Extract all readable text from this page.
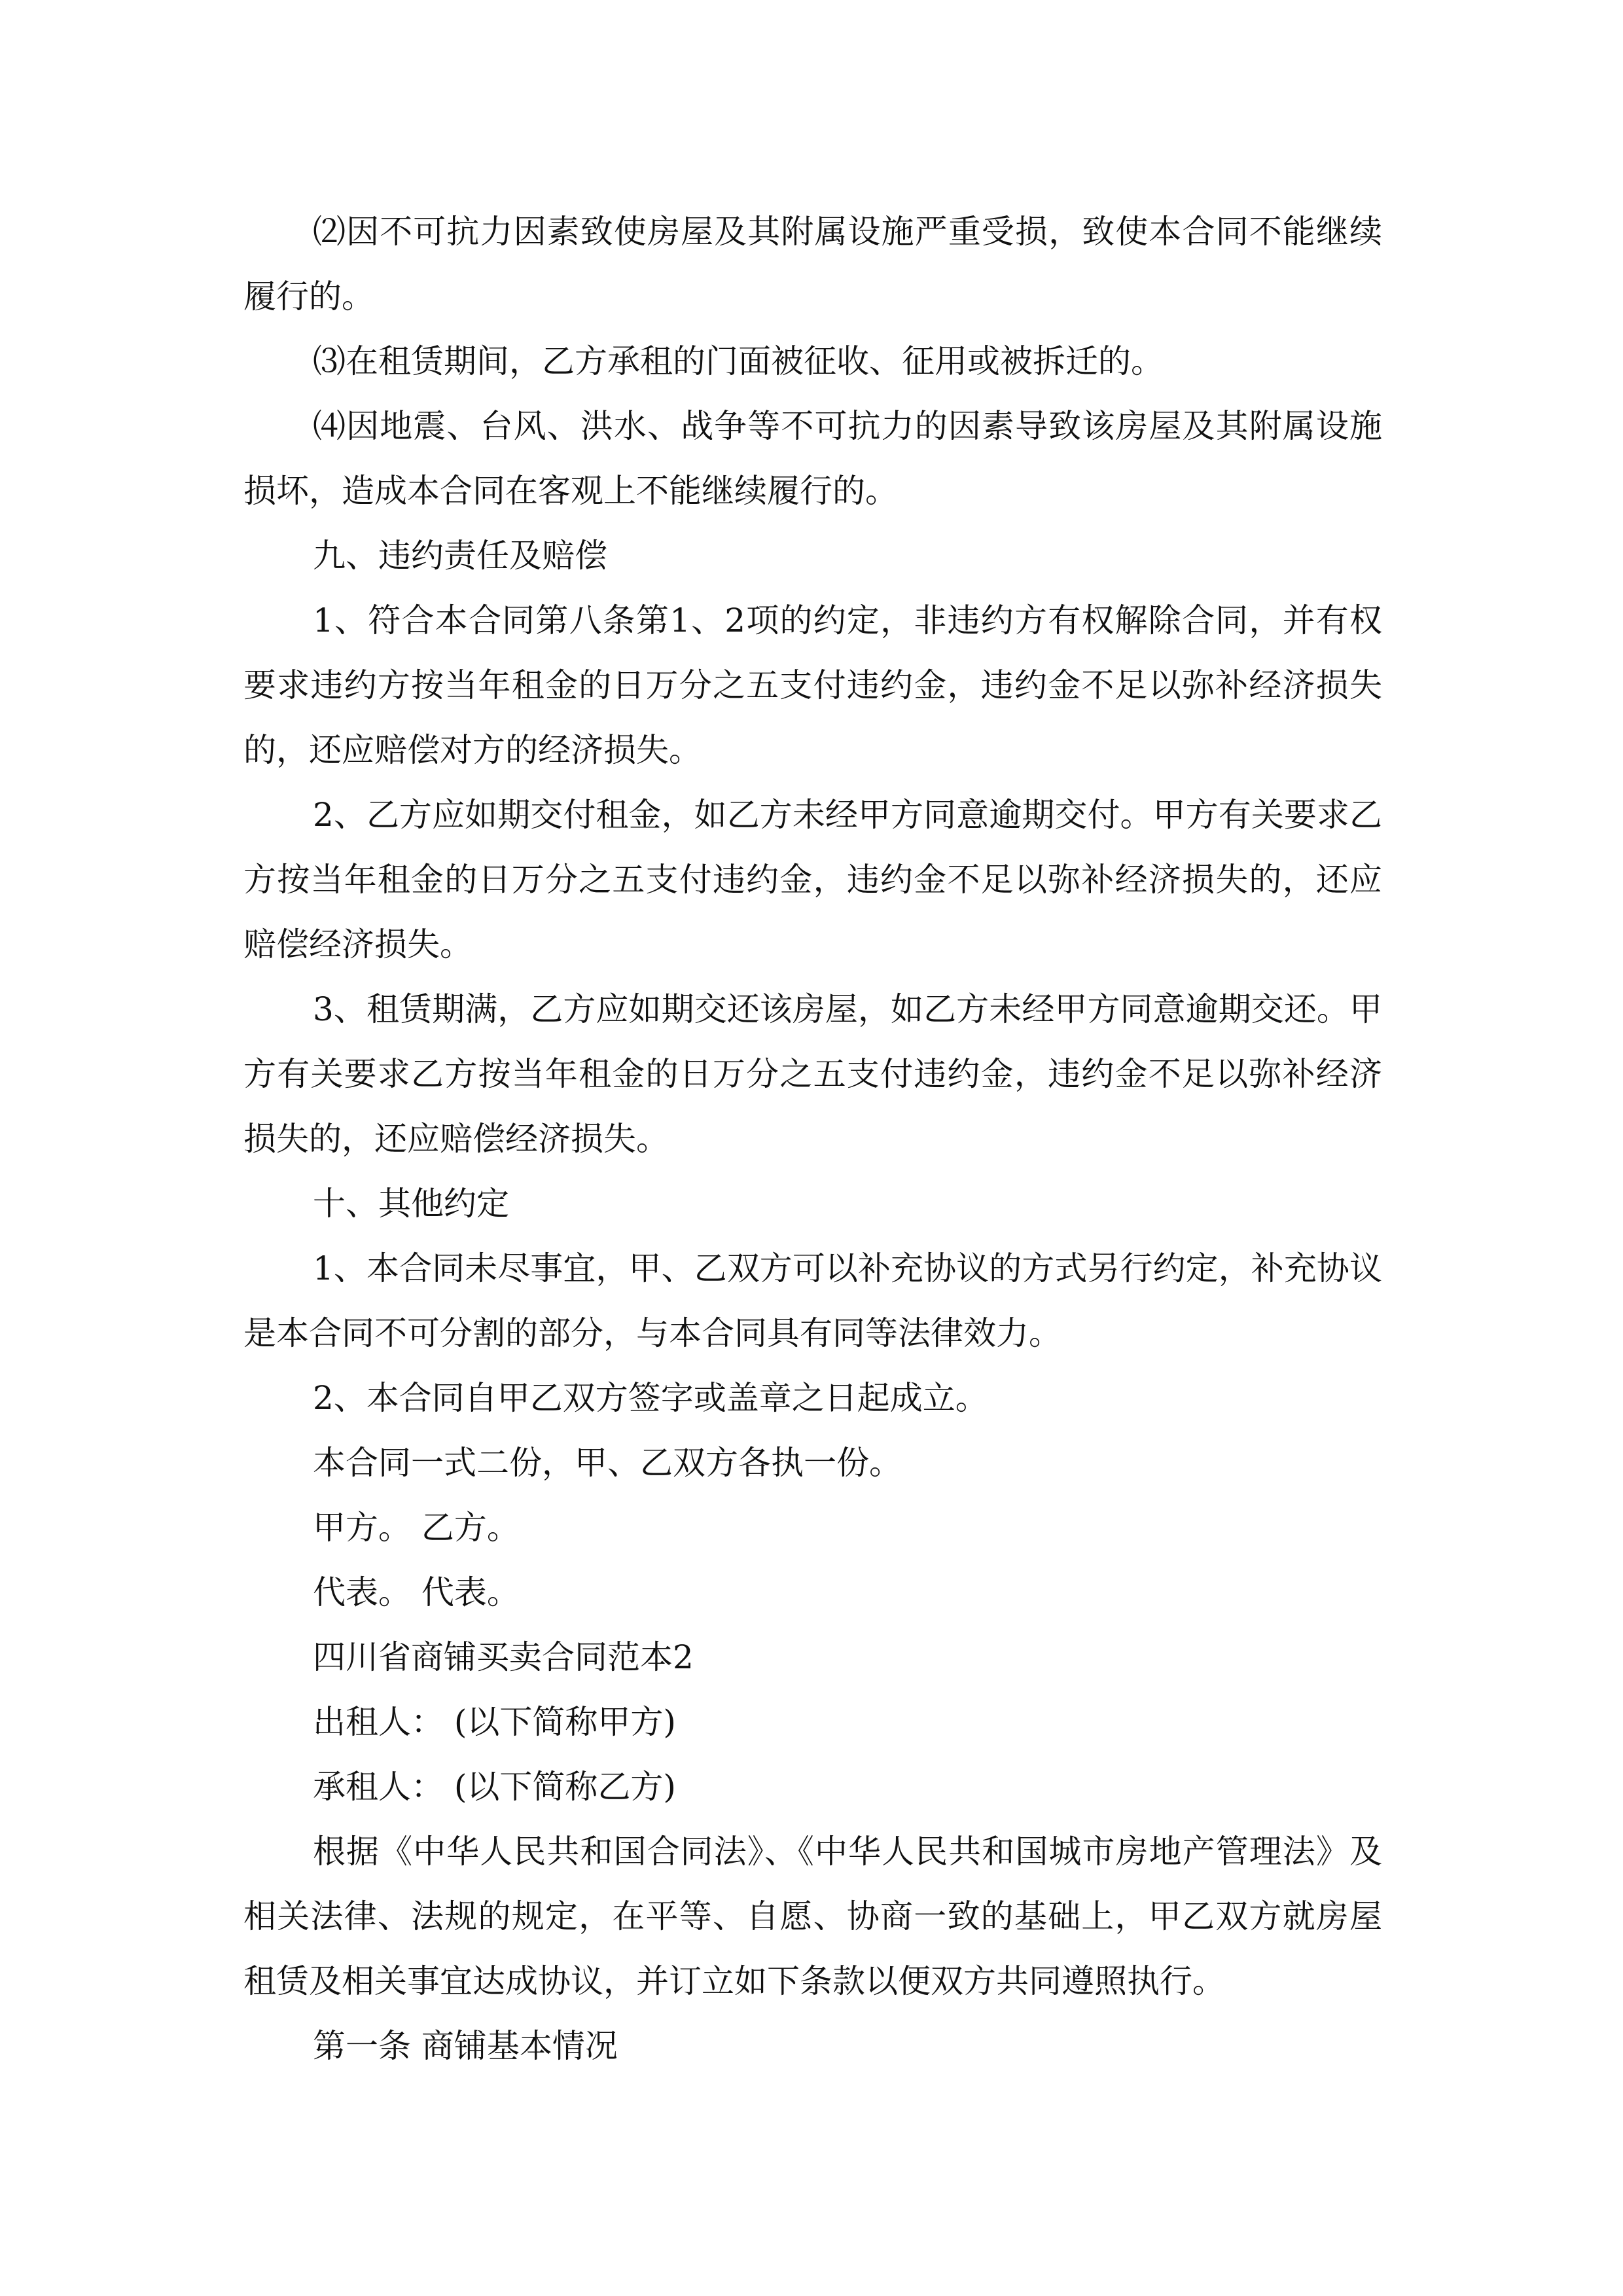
⑵因不可抗力因素致使房屋及其附属设施严重受损，致使本合同不能继续履行的。

⑶在租赁期间，乙方承租的门面被征收、征用或被拆迁的。

⑷因地震、台风、洪水、战争等不可抗力的因素导致该房屋及其附属设施损坏，造成本合同在客观上不能继续履行的。

九、违约责任及赔偿

1、符合本合同第八条第1、2项的约定，非违约方有权解除合同，并有权要求违约方按当年租金的日万分之五支付违约金，违约金不足以弥补经济损失的，还应赔偿对方的经济损失。

2、乙方应如期交付租金，如乙方未经甲方同意逾期交付。甲方有关要求乙方按当年租金的日万分之五支付违约金，违约金不足以弥补经济损失的，还应赔偿经济损失。

3、租赁期满，乙方应如期交还该房屋，如乙方未经甲方同意逾期交还。甲方有关要求乙方按当年租金的日万分之五支付违约金，违约金不足以弥补经济损失的，还应赔偿经济损失。

十、其他约定

1、本合同未尽事宜，甲、乙双方可以补充协议的方式另行约定，补充协议是本合同不可分割的部分，与本合同具有同等法律效力。

2、本合同自甲乙双方签字或盖章之日起成立。

本合同一式二份，甲、乙双方各执一份。

甲方。 乙方。

代表。 代表。

四川省商铺买卖合同范本2

出租人： (以下简称甲方)

承租人： (以下简称乙方)

根据《中华人民共和国合同法》、《中华人民共和国城市房地产管理法》及相关法律、法规的规定，在平等、自愿、协商一致的基础上，甲乙双方就房屋租赁及相关事宜达成协议，并订立如下条款以便双方共同遵照执行。

第一条 商铺基本情况
